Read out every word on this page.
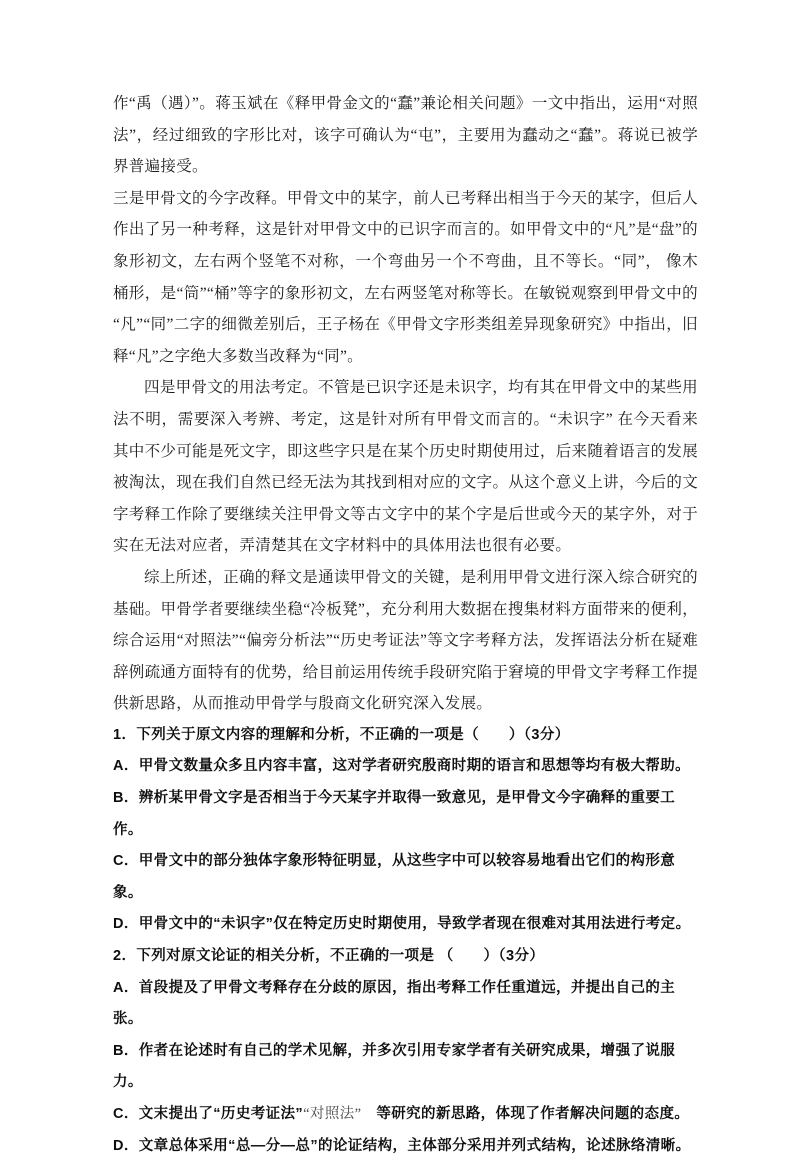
作“禹（遇）”。蒋玉斌在《释甲骨金文的“蠢”兼论相关问题》一文中指出，运用“对照法”，经过细致的字形比对，该字可确认为“屯”，主要用为蠢动之“蠢”。蒋说已被学界普遍接受。

三是甲骨文的今字改释。甲骨文中的某字，前人已考释出相当于今天的某字，但后人作出了另一种考释，这是针对甲骨文中的已识字而言的。如甲骨文中的“凡”是“盘”的象形初文，左右两个竖笔不对称，一个弯曲另一个不弯曲，且不等长。“同”， 像木桶形，是“筒”“桶”等字的象形初文，左右两竖笔对称等长。在敏锐观察到甲骨文中的“凡”“同”二字的细微差别后，王子杨在《甲骨文字形类组差异现象研究》中指出，旧释“凡”之字绝大多数当改释为“同”。

四是甲骨文的用法考定。不管是已识字还是未识字，均有其在甲骨文中的某些用法不明，需要深入考辨、考定，这是针对所有甲骨文而言的。“未识字” 在今天看来其中不少可能是死文字，即这些字只是在某个历史时期使用过，后来随着语言的发展被淘汰，现在我们自然已经无法为其找到相对应的文字。从这个意义上讲，今后的文字考释工作除了要继续关注甲骨文等古文字中的某个字是后世或今天的某字外，对于实在无法对应者，弄清楚其在文字材料中的具体用法也很有必要。

综上所述，正确的释文是通读甲骨文的关键，是利用甲骨文进行深入综合研究的基础。甲骨学者要继续坐稳“冷板凳”，充分利用大数据在搜集材料方面带来的便利，综合运用“对照法”“偏旁分析法”“历史考证法”等文字考释方法，发挥语法分析在疑难辞例疏通方面特有的优势，给目前运用传统手段研究陷于窘境的甲骨文字考释工作提供新思路，从而推动甲骨学与殷商文化研究深入发展。

1．下列关于原文内容的理解和分析，不正确的一项是（　　）（3分）

A．甲骨文数量众多且内容丰富，这对学者研究殷商时期的语言和思想等均有极大帮助。

B．辨析某甲骨文字是否相当于今天某字并取得一致意见，是甲骨文今字确释的重要工作。

C．甲骨文中的部分独体字象形特征明显，从这些字中可以较容易地看出它们的构形意象。

D．甲骨文中的“未识字”仅在特定历史时期使用，导致学者现在很难对其用法进行考定。

2．下列对原文论证的相关分析，不正确的一项是 （　　）（3分）

A．首段提及了甲骨文考释存在分歧的原因，指出考释工作任重道远，并提出自己的主张。

B．作者在论述时有自己的学术见解，并多次引用专家学者有关研究成果，增强了说服力。

C．文末提出了“历史考证法”“对照法”　等研究的新思路，体现了作者解决问题的态度。

D．文章总体采用“总—分—总”的论证结构，主体部分采用并列式结构，论述脉络清晰。
